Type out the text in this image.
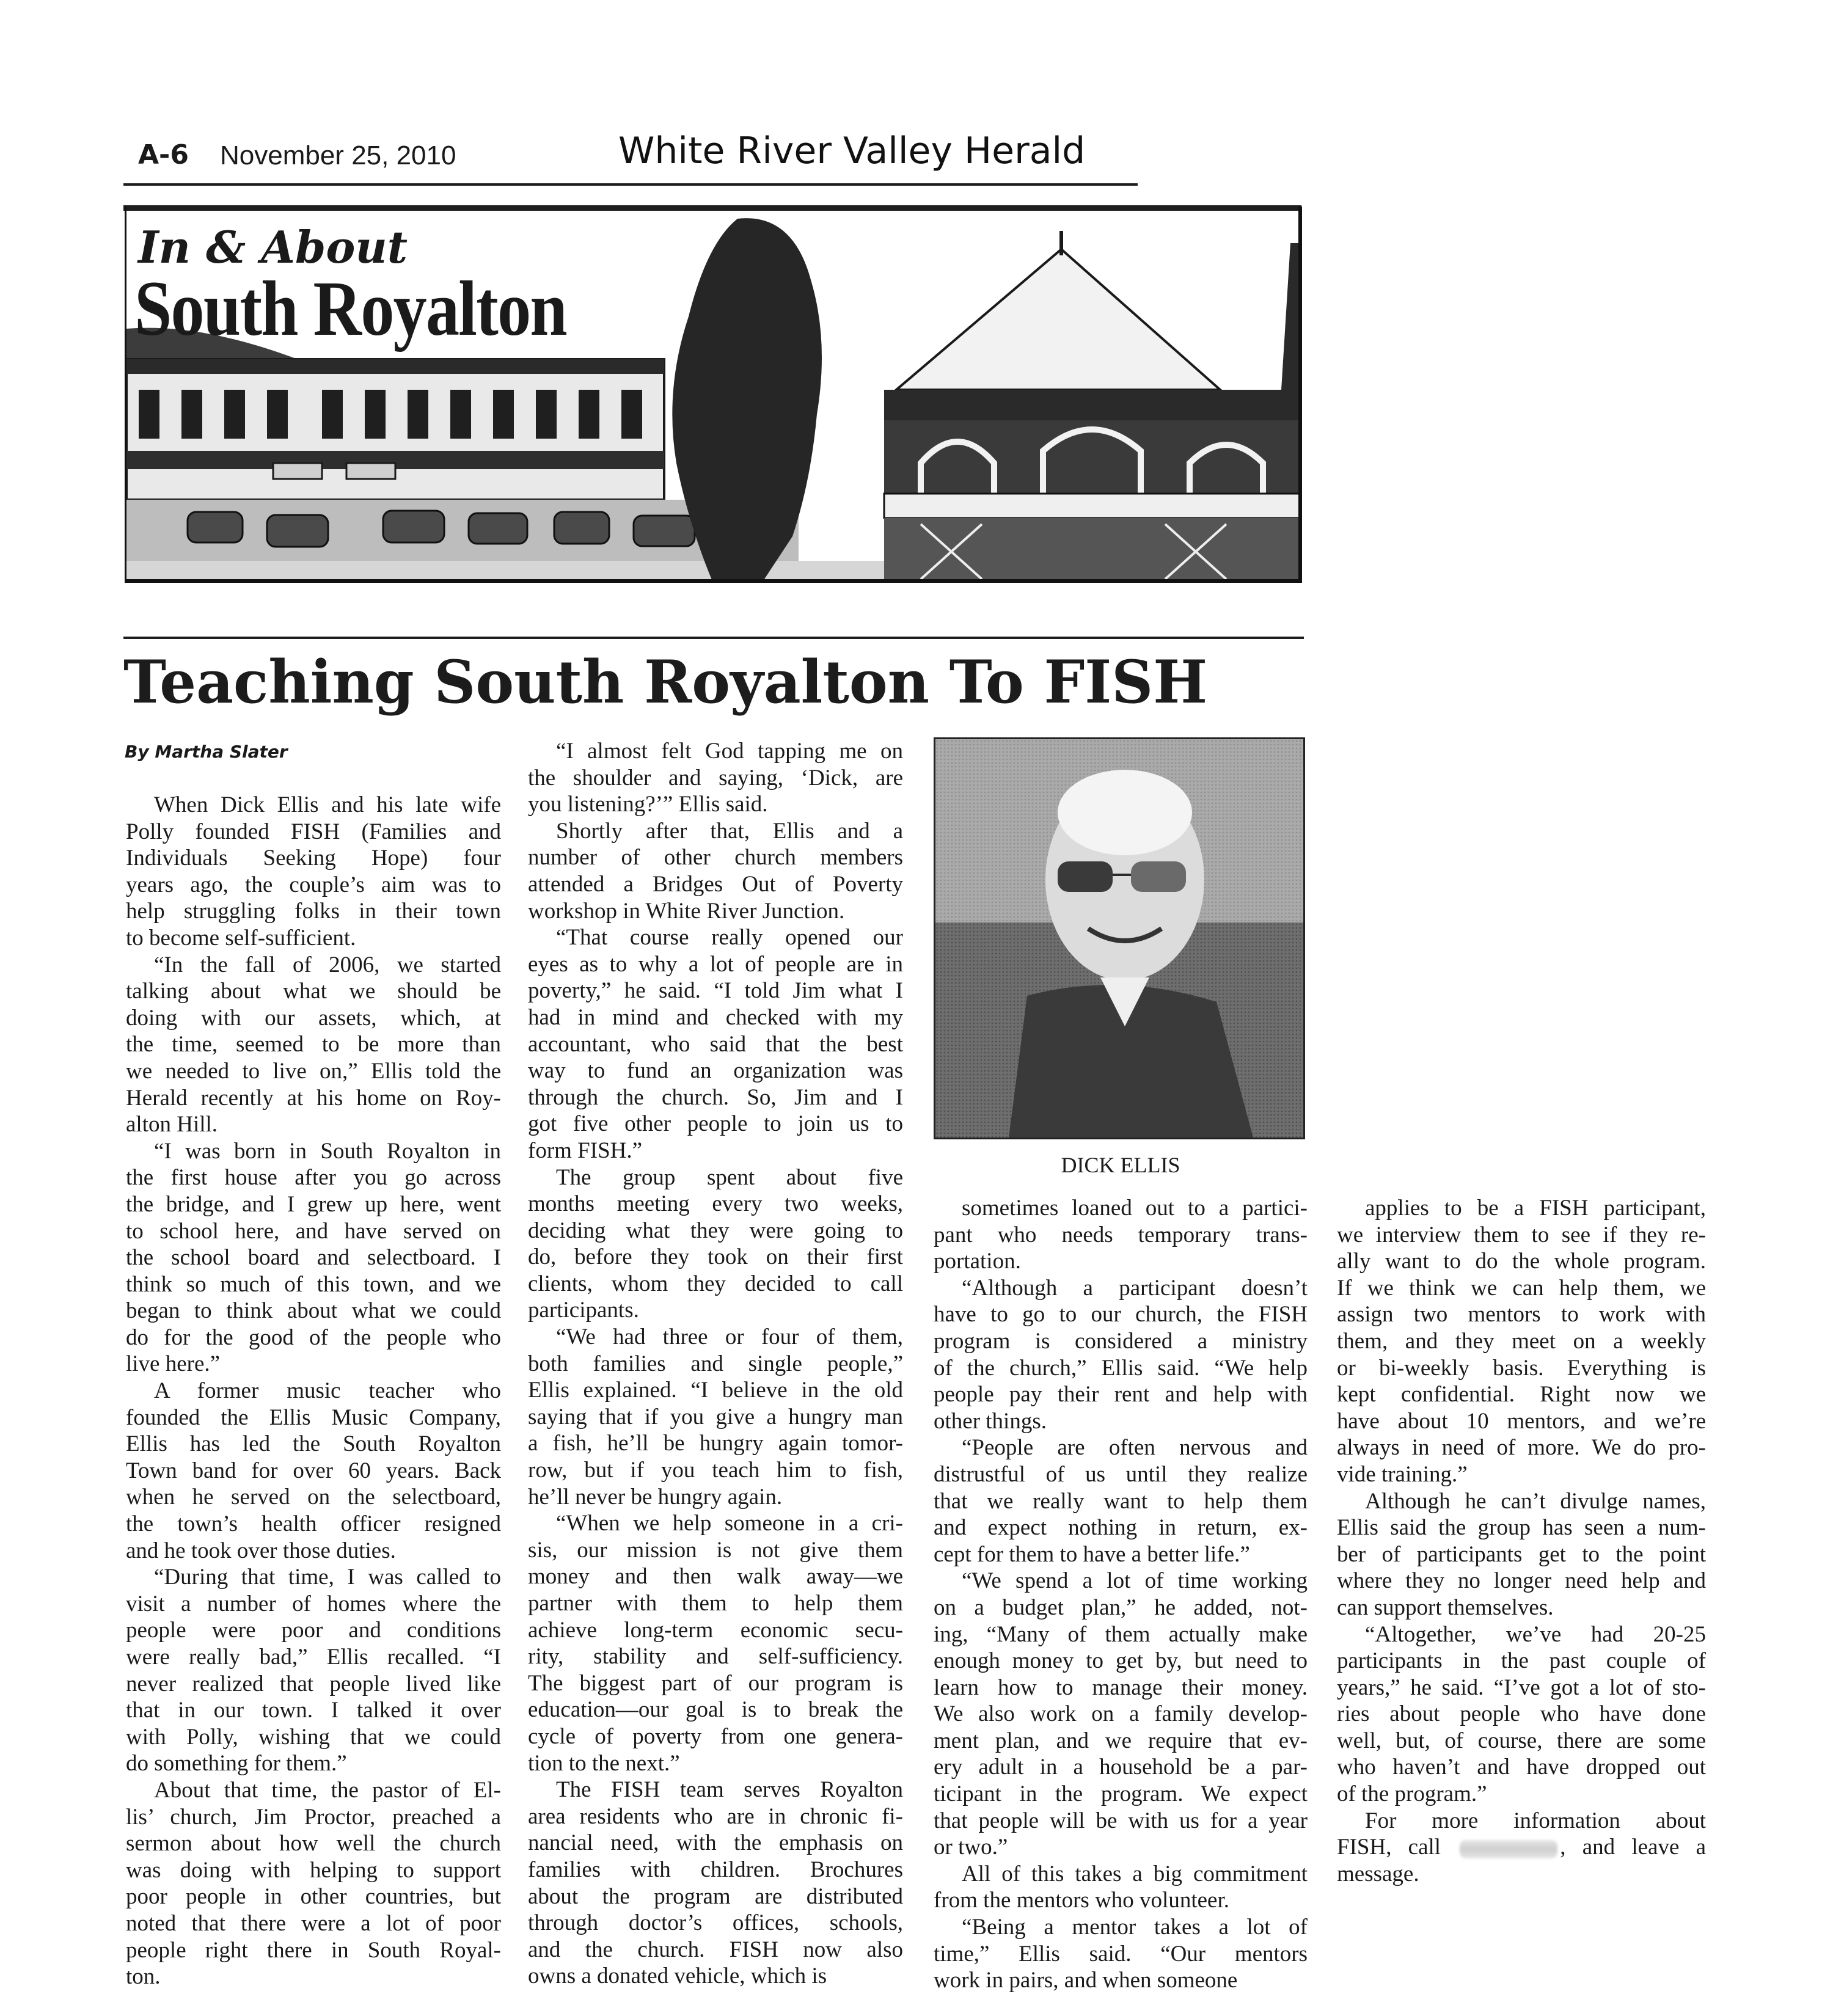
A-6 November 25, 2010	White River Valley Herald
In & About
South Royalton
Teaching South Royalton To FISH
By Martha Slater
When Dick Ellis and his late wife
Polly founded FISH (Families and
Individuals Seeking Hope) four
years ago, the couple’s aim was to
help struggling folks in their town
to become self-sufficient.
“In the fall of 2006, we started
talking about what we should be
doing with our assets, which, at
the time, seemed to be more than
we needed to live on,” Ellis told the
Herald recently at his home on Roy-
alton Hill.
“I was born in South Royalton in
the first house after you go across
the bridge, and I grew up here, went
to school here, and have served on
the school board and selectboard. I
think so much of this town, and we
began to think about what we could
do for the good of the people who
live here.”
A former music teacher who
founded the Ellis Music Company,
Ellis has led the South Royalton
Town band for over 60 years. Back
when he served on the selectboard,
the town’s health officer resigned
and he took over those duties.
“During that time, I was called to
visit a number of homes where the
people were poor and conditions
were really bad,” Ellis recalled. “I
never realized that people lived like
that in our town. I talked it over
with Polly, wishing that we could
do something for them.”
About that time, the pastor of El-
lis’ church, Jim Proctor, preached a
sermon about how well the church
was doing with helping to support
poor people in other countries, but
noted that there were a lot of poor
people right there in South Royal-
ton.
“I almost felt God tapping me on
the shoulder and saying, ‘Dick, are
you listening?’” Ellis said.
Shortly after that, Ellis and a
number of other church members
attended a Bridges Out of Poverty
workshop in White River Junction.
“That course really opened our
eyes as to why a lot of people are in
poverty,” he said. “I told Jim what I
had in mind and checked with my
accountant, who said that the best
way to fund an organization was
through the church. So, Jim and I
got five other people to join us to
form FISH.”
The group spent about five
months meeting every two weeks,
deciding what they were going to
do, before they took on their first
clients, whom they decided to call
participants.
“We had three or four of them,
both families and single people,”
Ellis explained. “I believe in the old
saying that if you give a hungry man
a fish, he’ll be hungry again tomor-
row, but if you teach him to fish,
he’ll never be hungry again.
“When we help someone in a cri-
sis, our mission is not give them
money and then walk away—we
partner with them to help them
achieve long-term economic secu-
rity, stability and self-sufficiency.
The biggest part of our program is
education—our goal is to break the
cycle of poverty from one genera-
tion to the next.”
The FISH team serves Royalton
area residents who are in chronic fi-
nancial need, with the emphasis on
families with children. Brochures
about the program are distributed
through doctor’s offices, schools,
and the church. FISH now also
owns a donated vehicle, which is
DICK ELLIS
sometimes loaned out to a partici-
pant who needs temporary trans-
portation.
“Although a participant doesn’t
have to go to our church, the FISH
program is considered a ministry
of the church,” Ellis said. “We help
people pay their rent and help with
other things.
“People are often nervous and
distrustful of us until they realize
that we really want to help them
and expect nothing in return, ex-
cept for them to have a better life.”
“We spend a lot of time working
on a budget plan,” he added, not-
ing, “Many of them actually make
enough money to get by, but need to
learn how to manage their money.
We also work on a family develop-
ment plan, and we require that ev-
ery adult in a household be a par-
ticipant in the program. We expect
that people will be with us for a year
or two.”
All of this takes a big commitment
from the mentors who volunteer.
“Being a mentor takes a lot of
time,” Ellis said. “Our mentors
work in pairs, and when someone
applies to be a FISH participant,
we interview them to see if they re-
ally want to do the whole program.
If we think we can help them, we
assign two mentors to work with
them, and they meet on a weekly
or bi-weekly basis. Everything is
kept confidential. Right now we
have about 10 mentors, and we’re
always in need of more. We do pro-
vide training.”
Although he can’t divulge names,
Ellis said the group has seen a num-
ber of participants get to the point
where they no longer need help and
can support themselves.
“Altogether, we’ve had 20-25
participants in the past couple of
years,” he said. “I’ve got a lot of sto-
ries about people who have done
well, but, of course, there are some
who haven’t and have dropped out
of the program.”
For more information about
FISH, call	, and leave a
message.
